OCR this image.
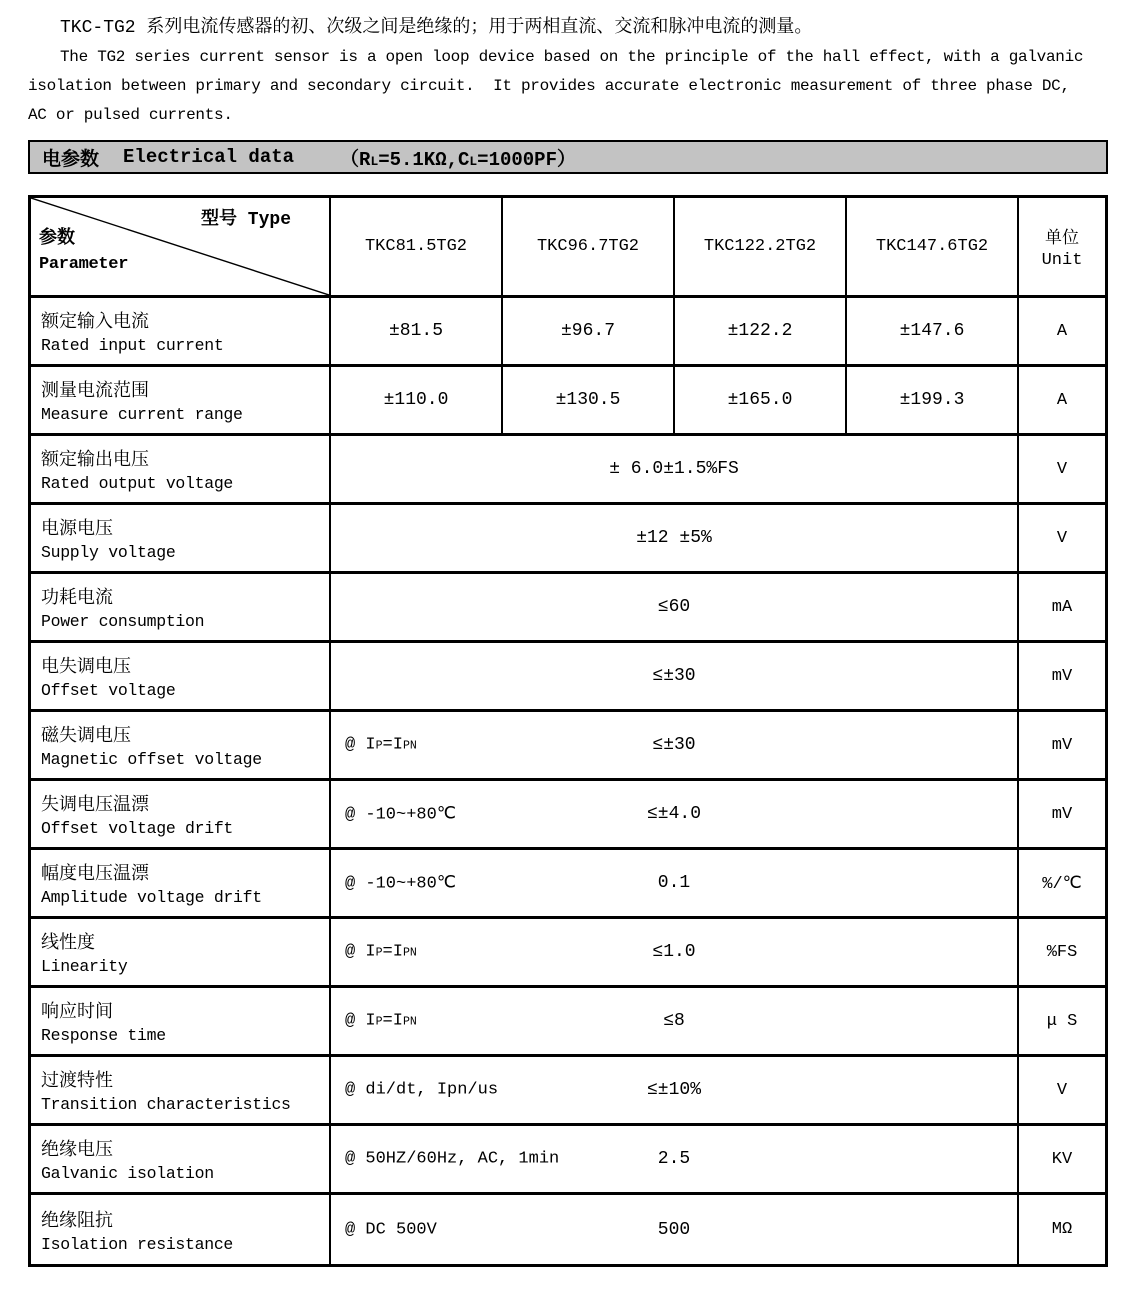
TKC-TG2 系列电流传感器的初、次级之间是绝缘的；用于两相直流、交流和脉冲电流的测量。
The TG2 series current sensor is a open loop device based on the principle of the hall effect, with a galvanic
isolation between primary and secondary circuit.  It provides accurate electronic measurement of three phase DC,
AC or pulsed currents.
电参数 Electrical data （RL=5.1KΩ,CL=1000PF）
型号 Type
参数
Parameter
TKC81.5TG2	TKC96.7TG2	TKC122.2TG2	TKC147.6TG2	单位
Unit
额定输入电流
Rated input current
±81.5	±96.7	±122.2	±147.6	A
测量电流范围
Measure current range
±110.0	±130.5	±165.0	±199.3	A
额定输出电压
Rated output voltage
± 6.0±1.5%FS	V
电源电压
Supply voltage
±12 ±5%	V
功耗电流
Power consumption
≤60	mA
电失调电压
Offset voltage
≤±30	mV
磁失调电压
Magnetic offset voltage
@ IP=IPN	≤±30	mV
失调电压温漂
Offset voltage drift
@ -10~+80℃	≤±4.0	mV
幅度电压温漂
Amplitude voltage drift
@ -10~+80℃	0.1	%/℃
线性度
Linearity
@ IP=IPN	≤1.0	%FS
响应时间
Response time
@ IP=IPN	≤8	μ S
过渡特性
Transition characteristics
@ di/dt, Ipn/us	≤±10%	V
绝缘电压
Galvanic isolation
@ 50HZ/60Hz, AC, 1min	2.5	KV
绝缘阻抗
Isolation resistance
@ DC 500V	500	MΩ
